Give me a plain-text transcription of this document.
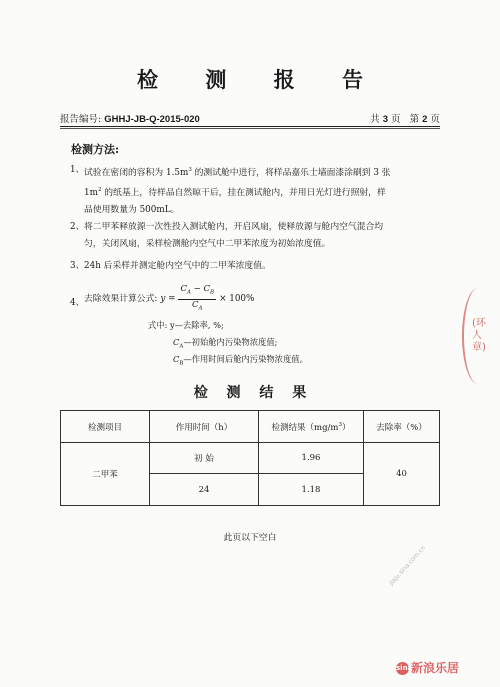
检 测 报 告
报告编号: GHHJ-JB-Q-2015-020	共 3 页 第 2 页
检测方法:
1、 试验在密闭的容积为 $1.5m^3$ 的测试舱中进行，将样品嘉乐士墙面漆涂刷到 3 张
$1m^2$ 的纸基上，待样品自然晾干后，挂在测试舱内，并用日光灯进行照射，样
品使用数量为 500mL。
2、 将二甲苯释放源一次性投入测试舱内，开启风扇，使释放源与舱内空气混合均
匀，关闭风扇，采样检测舱内空气中二甲苯浓度为初始浓度值。
3、 24h 后采样并测定舱内空气中的二甲苯浓度值。
4、 去除效果计算公式: $y = \frac{C_A - C_B}{C_A} \times 100\%$
式中: y—去除率, %;
$C_A—$初始舱内污染物浓度值;
$C_B—$作用时间后舱内污染物浓度值。
检 测 结 果
检测项目	作用时间（h）	检测结果$(mg/m^3)$	去除率（%）
二甲苯	初 始	1.96	40
	24	1.18	
此页以下空白
(环 人 章)
jiaju.sina.com.cn
sina新浪乐居
